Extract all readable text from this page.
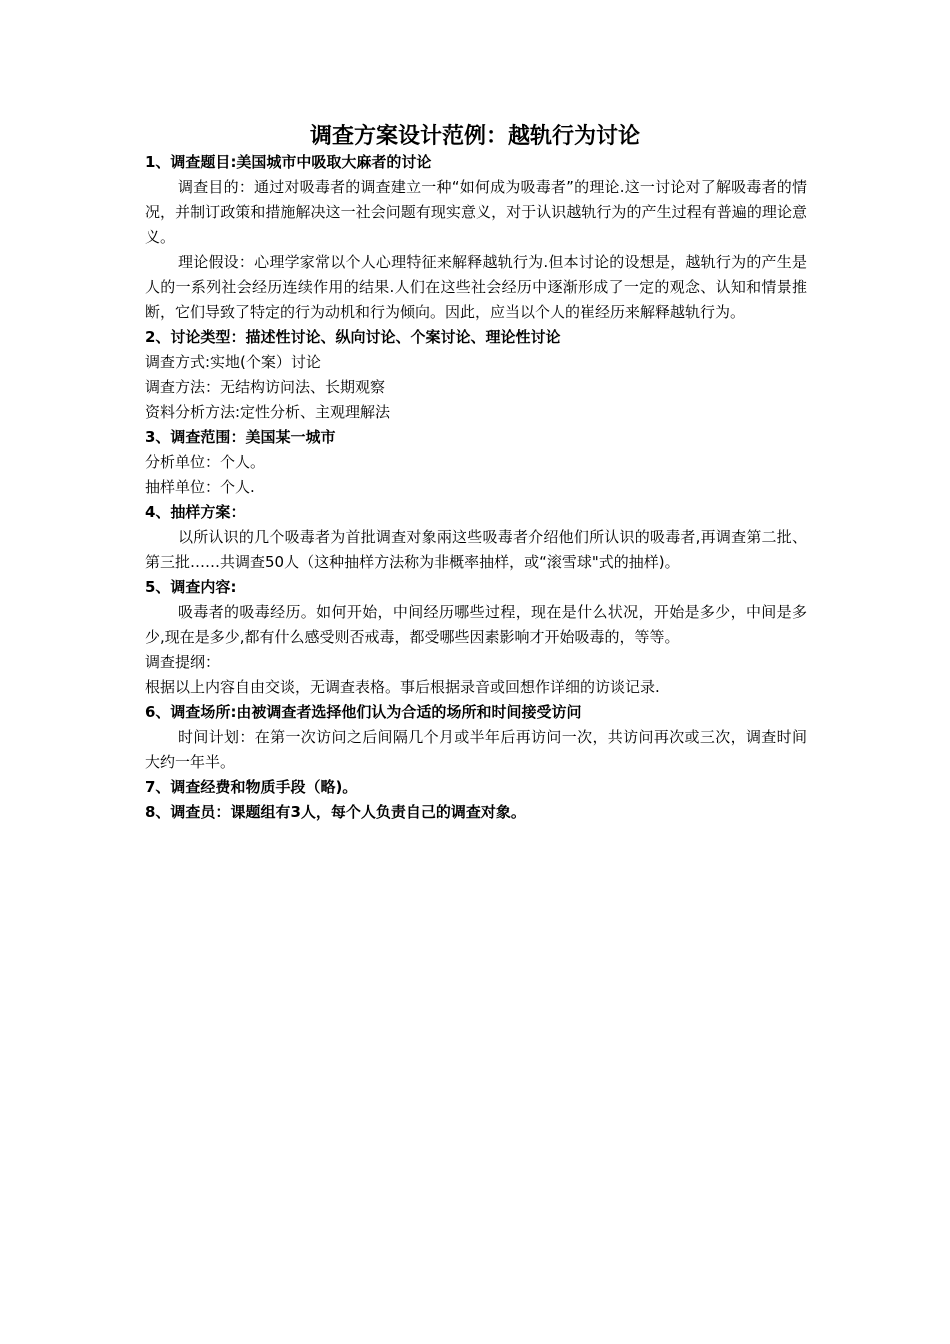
调查方案设计范例：越轨行为讨论

1、调查题目:美国城市中吸取大麻者的讨论

调查目的：通过对吸毒者的调查建立一种“如何成为吸毒者”的理论.这一讨论对了解吸毒者的情况，并制订政策和措施解决这一社会问题有现实意义，对于认识越轨行为的产生过程有普遍的理论意义。

理论假设：心理学家常以个人心理特征来解释越轨行为.但本讨论的设想是，越轨行为的产生是人的一系列社会经历连续作用的结果.人们在这些社会经历中逐渐形成了一定的观念、认知和情景推断，它们导致了特定的行为动机和行为倾向。因此，应当以个人的崔经历来解释越轨行为。

2、讨论类型：描述性讨论、纵向讨论、个案讨论、理论性讨论

调查方式:实地(个案）讨论

调查方法：无结构访问法、长期观察

资料分析方法:定性分析、主观理解法

3、调查范围：美国某一城市

分析单位：个人。

抽样单位：个人.

4、抽样方案：

以所认识的几个吸毒者为首批调查对象兩这些吸毒者介绍他们所认识的吸毒者,再调查第二批、第三批……共调查50人（这种抽样方法称为非概率抽样，或“滚雪球"式的抽样)。

5、调查内容:

吸毒者的吸毒经历。如何开始，中间经历哪些过程，现在是什么状况，开始是多少，中间是多少,现在是多少,都有什么感受则否戒毒，都受哪些因素影响才开始吸毒的，等等。

调查提纲：

根据以上内容自由交谈，无调查表格。事后根据录音或回想作详细的访谈记录.

6、调查场所:由被调查者选择他们认为合适的场所和时间接受访问

时间计划：在第一次访问之后间隔几个月或半年后再访问一次，共访问再次或三次，调查时间大约一年半。

7、调查经费和物质手段（略)。

8、调查员：课题组有3人，每个人负责自己的调查对象。
